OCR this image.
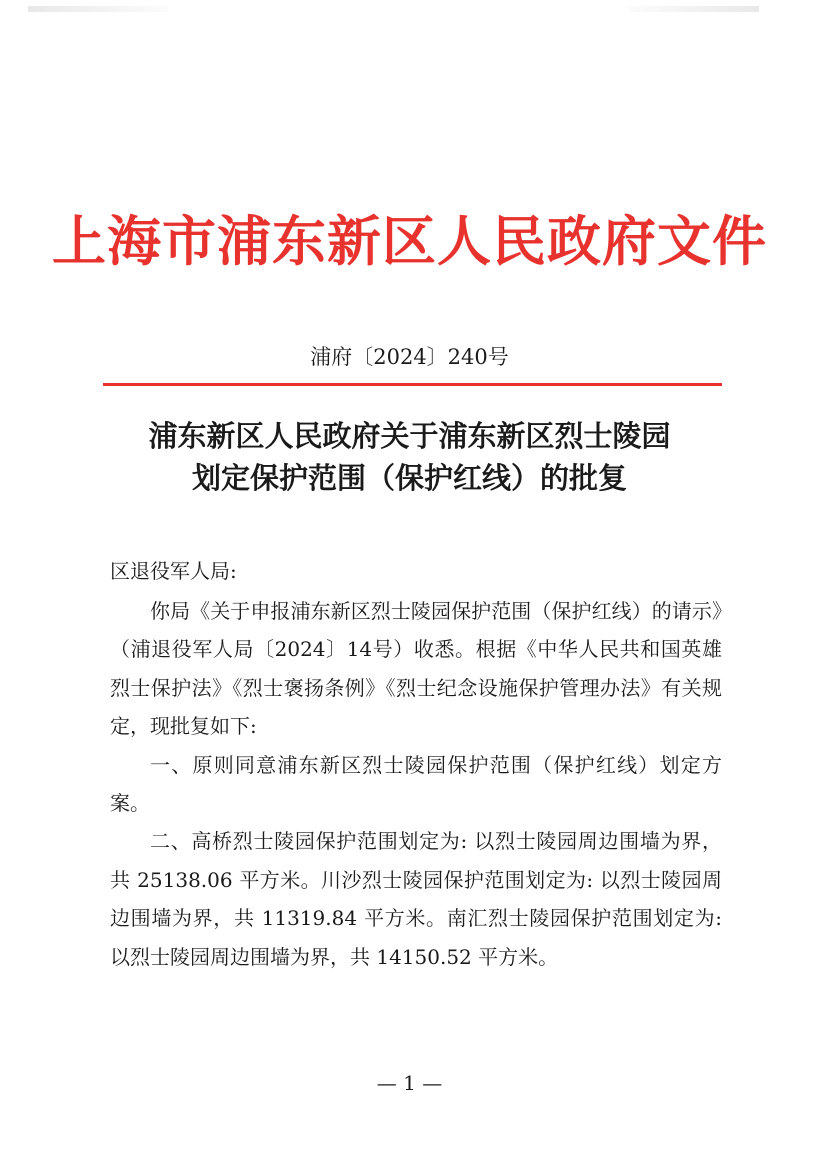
上海市浦东新区人民政府文件
浦府〔2024〕240号
浦东新区人民政府关于浦东新区烈士陵园
划定保护范围（保护红线）的批复
区退役军人局:

你局《关于申报浦东新区烈士陵园保护范围（保护红线）的请示》（浦退役军人局〔2024〕14号）收悉。根据《中华人民共和国英雄烈士保护法》《烈士褒扬条例》《烈士纪念设施保护管理办法》有关规定，现批复如下:

一、原则同意浦东新区烈士陵园保护范围（保护红线）划定方案。

二、高桥烈士陵园保护范围划定为: 以烈士陵园周边围墙为界，共 25138.06 平方米。川沙烈士陵园保护范围划定为: 以烈士陵园周边围墙为界，共 11319.84 平方米。南汇烈士陵园保护范围划定为: 以烈士陵园周边围墙为界，共 14150.52 平方米。

— 1 —
